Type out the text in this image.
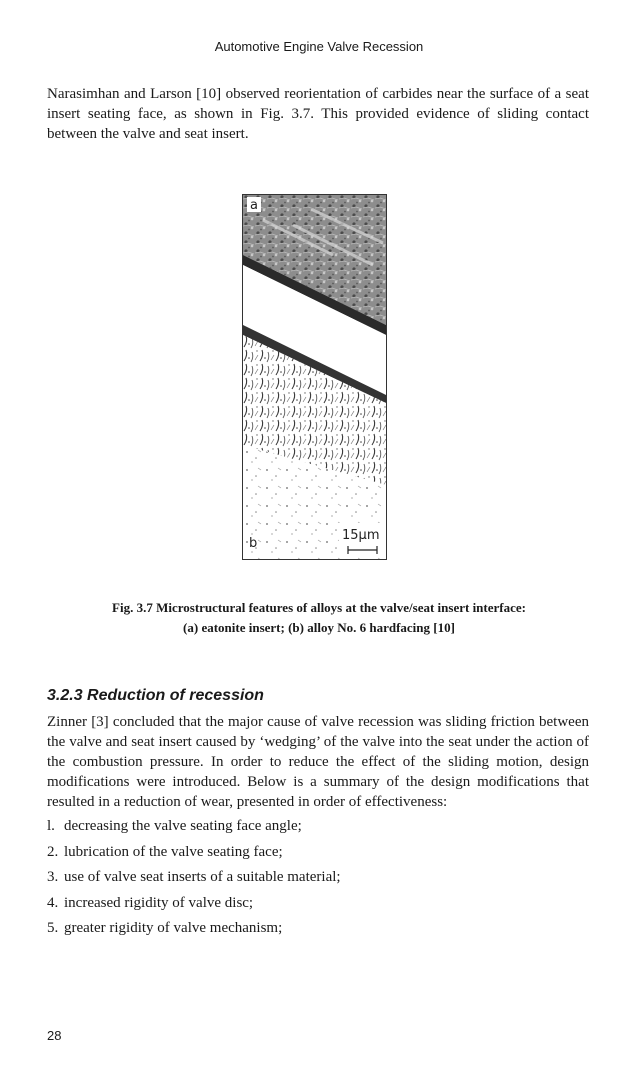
Automotive Engine Valve Recession

Narasimhan and Larson [10] observed reorientation of carbides near the surface of a seat insert seating face, as shown in Fig. 3.7. This provided evidence of sliding contact between the valve and seat insert.

a
b
15μm

Fig. 3.7 Microstructural features of alloys at the valve/seat insert interface:

(a) eatonite insert; (b) alloy No. 6 hardfacing [10]

3.2.3 Reduction of recession

Zinner [3] concluded that the major cause of valve recession was sliding friction between the valve and seat insert caused by ‘wedging’ of the valve into the seat under the action of the combustion pressure. In order to reduce the effect of the sliding motion, design modifications were introduced. Below is a summary of the design modifications that resulted in a reduction of wear, presented in order of effectiveness:

l. decreasing the valve seating face angle;
2. lubrication of the valve seating face;
3. use of valve seat inserts of a suitable material;
4. increased rigidity of valve disc;
5. greater rigidity of valve mechanism;
28
